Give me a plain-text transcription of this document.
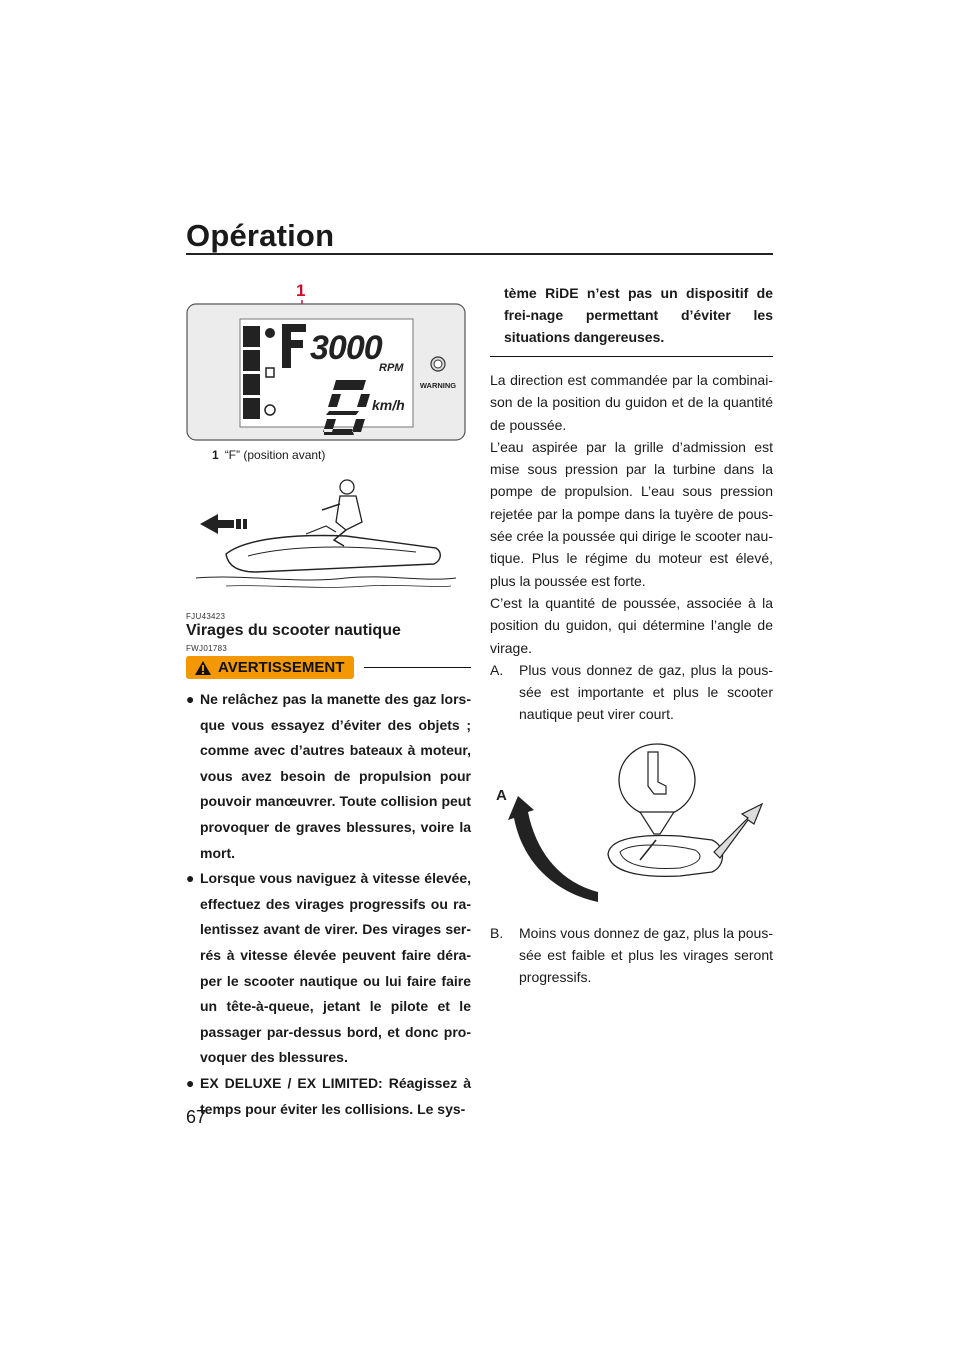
Opération
1
3000
RPM
km/h
WARNING
1 “F” (position avant)
FJU43423
Virages du scooter nautique
FWJ01783
AVERTISSEMENT
● Ne relâchez pas la manette des gaz lors-que vous essayez d’éviter des objets ; comme avec d’autres bateaux à moteur, vous avez besoin de propulsion pour pouvoir manœuvrer. Toute collision peut provoquer de graves blessures, voire la mort.
● Lorsque vous naviguez à vitesse élevée, effectuez des virages progressifs ou ra-lentissez avant de virer. Des virages ser-rés à vitesse élevée peuvent faire déra-per le scooter nautique ou lui faire faire un tête-à-queue, jetant le pilote et le passager par-dessus bord, et donc pro-voquer des blessures.
● EX DELUXE / EX LIMITED: Réagissez à temps pour éviter les collisions. Le sys-
tème RiDE n’est pas un dispositif de frei-nage permettant d’éviter les situations dangereuses.
La direction est commandée par la combinai-son de la position du guidon et de la quantité de poussée.
L’eau aspirée par la grille d’admission est mise sous pression par la turbine dans la pompe de propulsion. L’eau sous pression rejetée par la pompe dans la tuyère de pous-sée crée la poussée qui dirige le scooter nau-tique. Plus le régime du moteur est élevé, plus la poussée est forte.
C’est la quantité de poussée, associée à la position du guidon, qui détermine l’angle de virage.
A.	Plus vous donnez de gaz, plus la pous-sée est importante et plus le scooter nautique peut virer court.
A
B.	Moins vous donnez de gaz, plus la pous-sée est faible et plus les virages seront progressifs.
67
